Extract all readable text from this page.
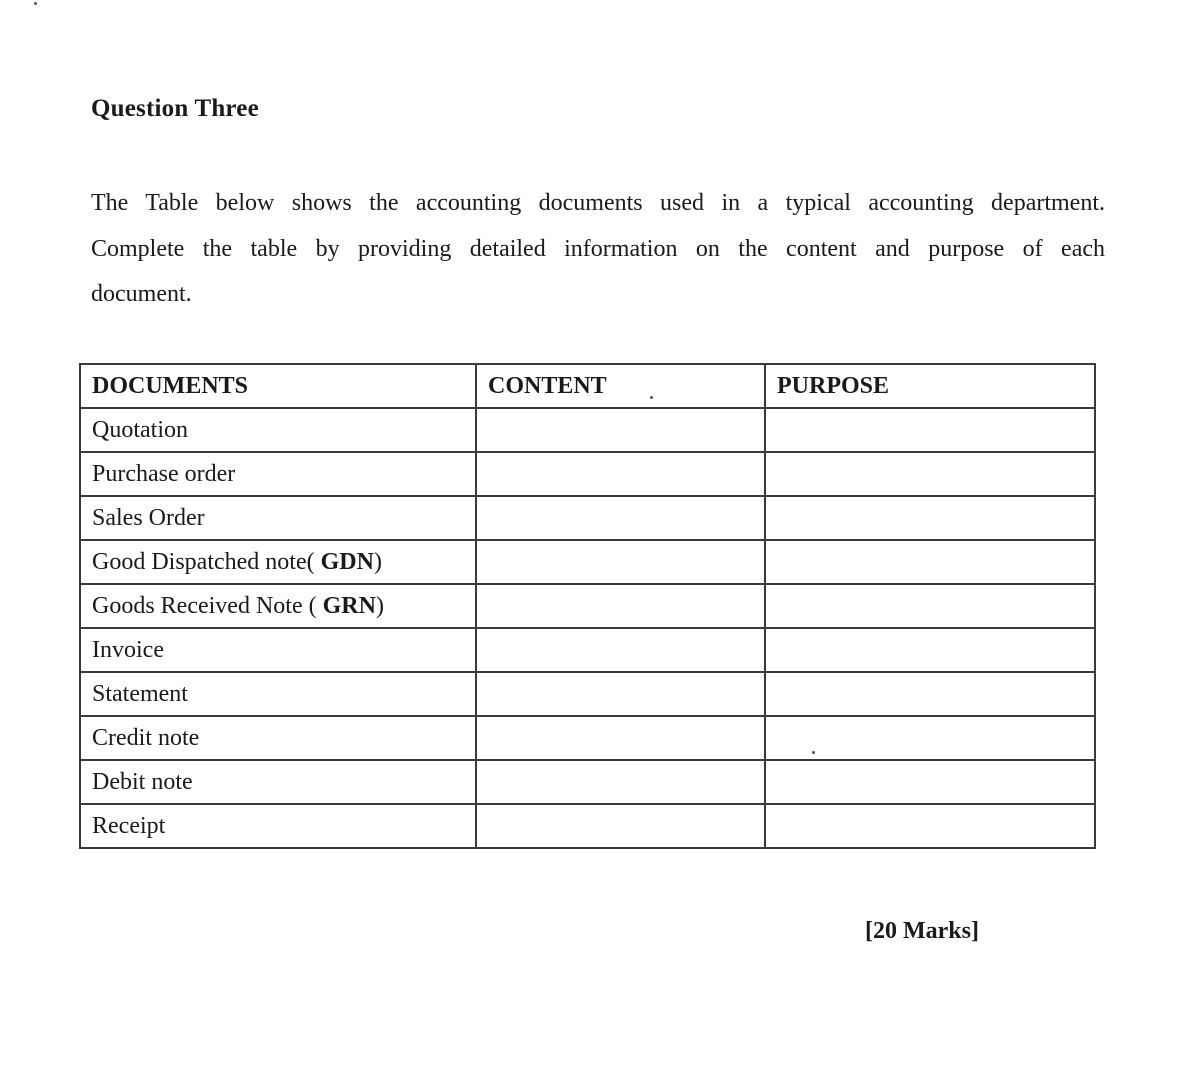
Question Three
The Table below shows the accounting documents used in a typical accounting department.
Complete the table by providing detailed information on the content and purpose of each
document.
DOCUMENTS	CONTENT	PURPOSE
Quotation		
Purchase order		
Sales Order		
Good Dispatched note( GDN)		
Goods Received Note ( GRN)		
Invoice		
Statement		
Credit note		
Debit note		
Receipt		
[20 Marks]
